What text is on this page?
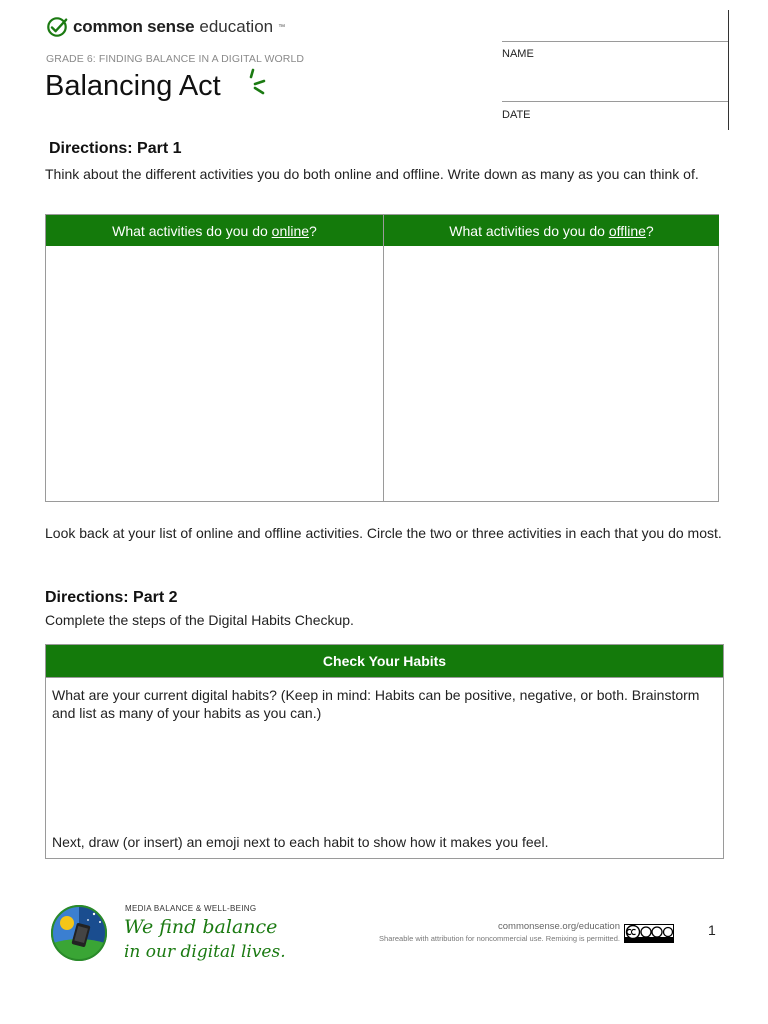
common sense education ™
GRADE 6: FINDING BALANCE IN A DIGITAL WORLD
Balancing Act
NAME
DATE
Directions: Part 1
Think about the different activities you do both online and offline. Write down as many as you can think of.
What activities do you do
online ?	What activities do you do
offline ?
Look back at your list of online and offline activities. Circle the two or three activities in each that you do most.
Directions: Part 2
Complete the steps of the Digital Habits Checkup.
Check Your Habits
What are your current digital habits? (Keep in mind: Habits can be positive, negative, or both. Brainstorm and list as many of your habits as you can.)
Next, draw (or insert) an emoji next to each habit to show how it makes you feel.
MEDIA BALANCE & WELL-BEING
We find balance
in our digital lives.
commonsense.org/education
Shareable with attribution for noncommercial use. Remixing is permitted.
1
